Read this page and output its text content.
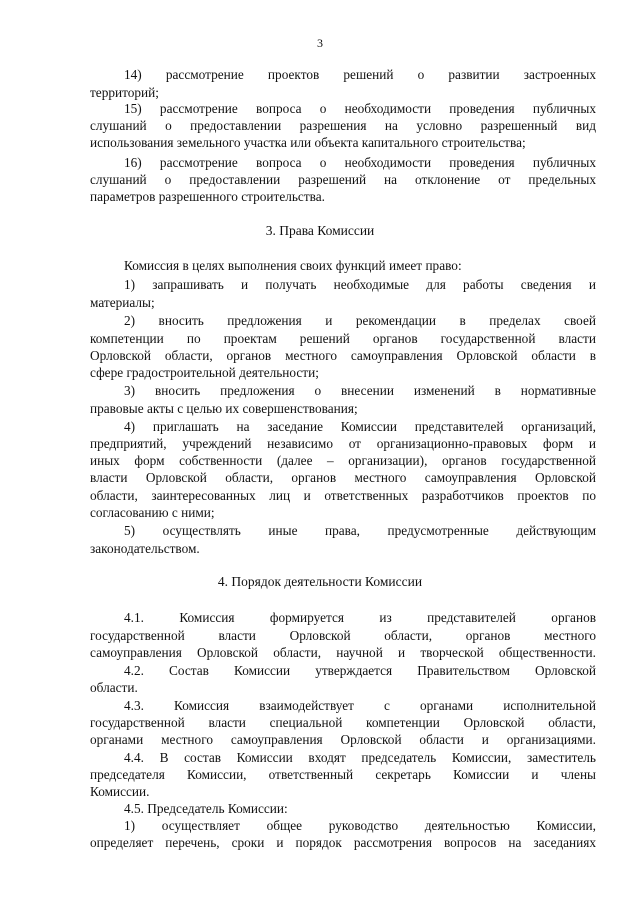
3
3. Права Комиссии
4. Порядок деятельности Комиссии
14) рассмотрение проектов решений о развитии застроенных
территорий;
15) рассмотрение вопроса о необходимости проведения публичных
слушаний о предоставлении разрешения на условно разрешенный вид
использования земельного участка или объекта капитального строительства;
16) рассмотрение вопроса о необходимости проведения публичных
слушаний о предоставлении разрешений на отклонение от предельных
параметров разрешенного строительства.
Комиссия в целях выполнения своих функций имеет право:
1) запрашивать и получать необходимые для работы сведения и
материалы;
2) вносить предложения и рекомендации в пределах своей
компетенции по проектам решений органов государственной власти
Орловской области, органов местного самоуправления Орловской области в
сфере градостроительной деятельности;
3) вносить предложения о внесении изменений в нормативные
правовые акты с целью их совершенствования;
4) приглашать на заседание Комиссии представителей организаций,
предприятий, учреждений независимо от организационно-правовых форм и
иных форм собственности (далее – организации), органов государственной
власти Орловской области, органов местного самоуправления Орловской
области, заинтересованных лиц и ответственных разработчиков проектов по
согласованию с ними;
5) осуществлять иные права, предусмотренные действующим
законодательством.
4.1. Комиссия формируется из представителей органов
государственной власти Орловской области, органов местного
самоуправления Орловской области, научной и творческой общественности.
4.2. Состав Комиссии утверждается Правительством Орловской
области.
4.3. Комиссия взаимодействует с органами исполнительной
государственной власти специальной компетенции Орловской области,
органами местного самоуправления Орловской области и организациями.
4.4. В состав Комиссии входят председатель Комиссии, заместитель
председателя Комиссии, ответственный секретарь Комиссии и члены
Комиссии.
4.5. Председатель Комиссии:
1) осуществляет общее руководство деятельностью Комиссии,
определяет перечень, сроки и порядок рассмотрения вопросов на заседаниях
